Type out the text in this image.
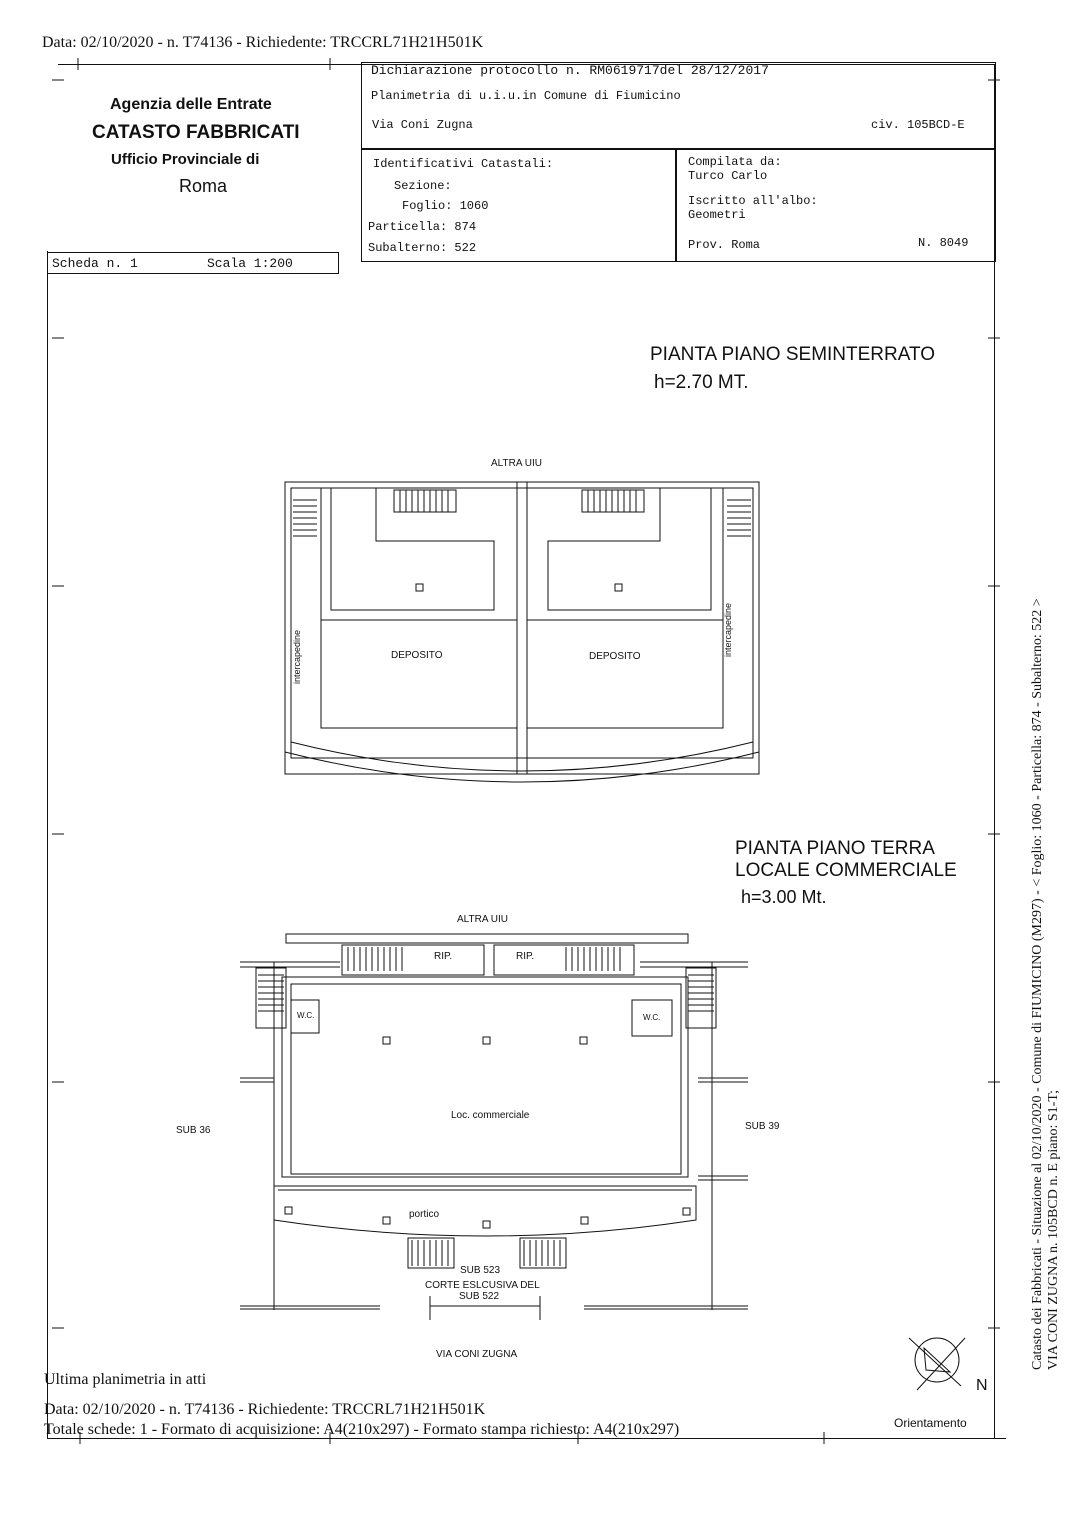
Data: 02/10/2020 - n. T74136 - Richiedente: TRCCRL71H21H501K
Dichiarazione protocollo n. RM0619717del 28/12/2017
Planimetria di u.i.u.in Comune di Fiumicino
Via Coni Zugna	civ. 105BCD-E
Identificativi Catastali:
Sezione:
Foglio: 1060
Particella: 874
Subalterno: 522
Compilata da:
Turco Carlo
Iscritto all'albo:
Geometri
Prov. Roma	N. 8049
Agenzia delle Entrate
CATASTO FABBRICATI
Ufficio Provinciale di
Roma
Scheda n. 1	Scala 1:200
PIANTA PIANO SEMINTERRATO
h=2.70 MT.
ALTRA UIU
DEPOSITO	DEPOSITO
intercapedine	intercapedine
PIANTA PIANO TERRA
LOCALE COMMERCIALE
h=3.00 Mt.
ALTRA UIU
RIP.	RIP.
W.C.	W.C.
Loc. commerciale
SUB 36	SUB 39
portico
SUB 523
CORTE ESLCUSIVA DEL
SUB 522
VIA CONI ZUGNA
N
Orientamento
Catasto dei Fabbricati - Situazione al 02/10/2020 - Comune di FIUMICINO (M297) - < Foglio: 1060 - Particella: 874 - Subalterno: 522 > VIA CONI ZUGNA n. 105BCD n. E piano: S1-T;
Ultima planimetria in atti
Data: 02/10/2020 - n. T74136 - Richiedente: TRCCRL71H21H501K
Totale schede: 1 - Formato di acquisizione: A4(210x297) - Formato stampa richiesto: A4(210x297)
